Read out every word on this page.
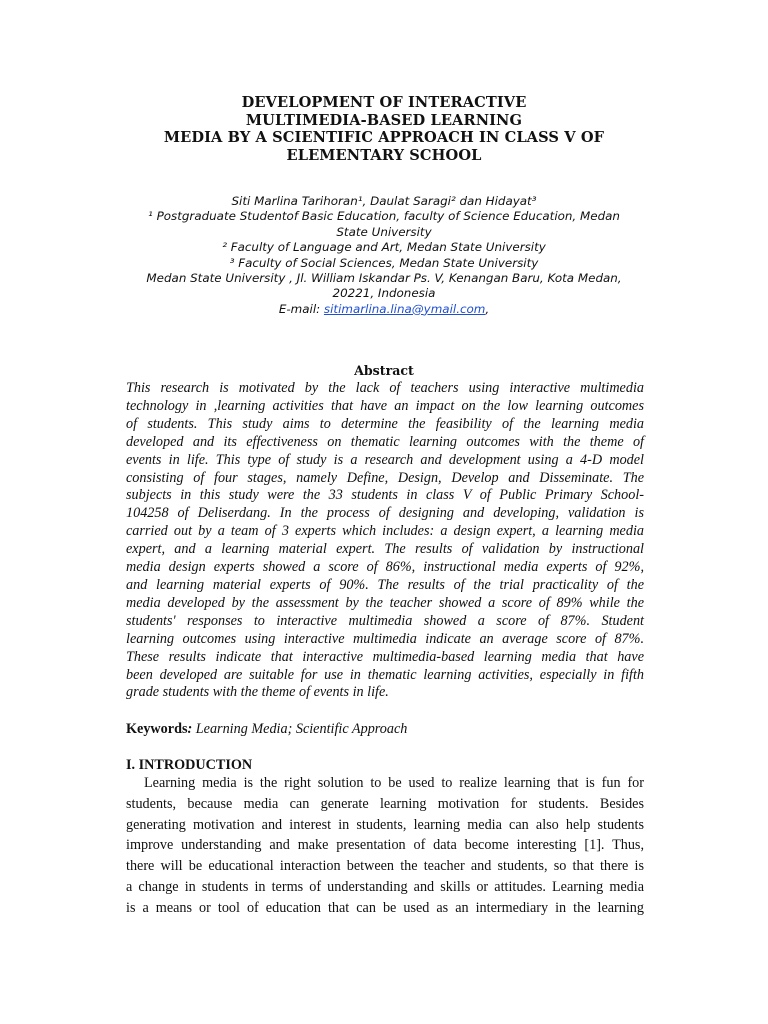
DEVELOPMENT OF INTERACTIVE
MULTIMEDIA-BASED LEARNING
MEDIA BY A SCIENTIFIC APPROACH IN CLASS V OF
ELEMENTARY SCHOOL
Siti Marlina Tarihoran¹, Daulat Saragi² dan Hidayat³
¹ Postgraduate Studentof Basic Education, faculty of Science Education, Medan
State University
² Faculty of Language and Art, Medan State University
³ Faculty of Social Sciences, Medan State University
Medan State University , Jl. William Iskandar Ps. V, Kenangan Baru, Kota Medan,
20221, Indonesia
E-mail: sitimarlina.lina@ymail.com,
Abstract
This research is motivated by the lack of teachers using interactive multimedia
technology in ,learning activities that have an impact on the low learning outcomes
of students. This study aims to determine the feasibility of the learning media
developed and its effectiveness on thematic learning outcomes with the theme of
events in life. This type of study is a research and development using a 4-D model
consisting of four stages, namely Define, Design, Develop and Disseminate. The
subjects in this study were the 33 students in class V of Public Primary School-
104258 of Deliserdang. In the process of designing and developing, validation is
carried out by a team of 3 experts which includes: a design expert, a learning media
expert, and a learning material expert. The results of validation by instructional
media design experts showed a score of 86%, instructional media experts of 92%,
and learning material experts of 90%. The results of the trial practicality of the
media developed by the assessment by the teacher showed a score of 89% while the
students' responses to interactive multimedia showed a score of 87%. Student
learning outcomes using interactive multimedia indicate an average score of 87%.
These results indicate that interactive multimedia-based learning media that have
been developed are suitable for use in thematic learning activities, especially in fifth
grade students with the theme of events in life.
Keywords: Learning Media; Scientific Approach
I. INTRODUCTION
Learning media is the right solution to be used to realize learning that is fun for
students, because media can generate learning motivation for students. Besides
generating motivation and interest in students, learning media can also help students
improve understanding and make presentation of data become interesting [1]. Thus,
there will be educational interaction between the teacher and students, so that there is
a change in students in terms of understanding and skills or attitudes. Learning media
is a means or tool of education that can be used as an intermediary in the learning
